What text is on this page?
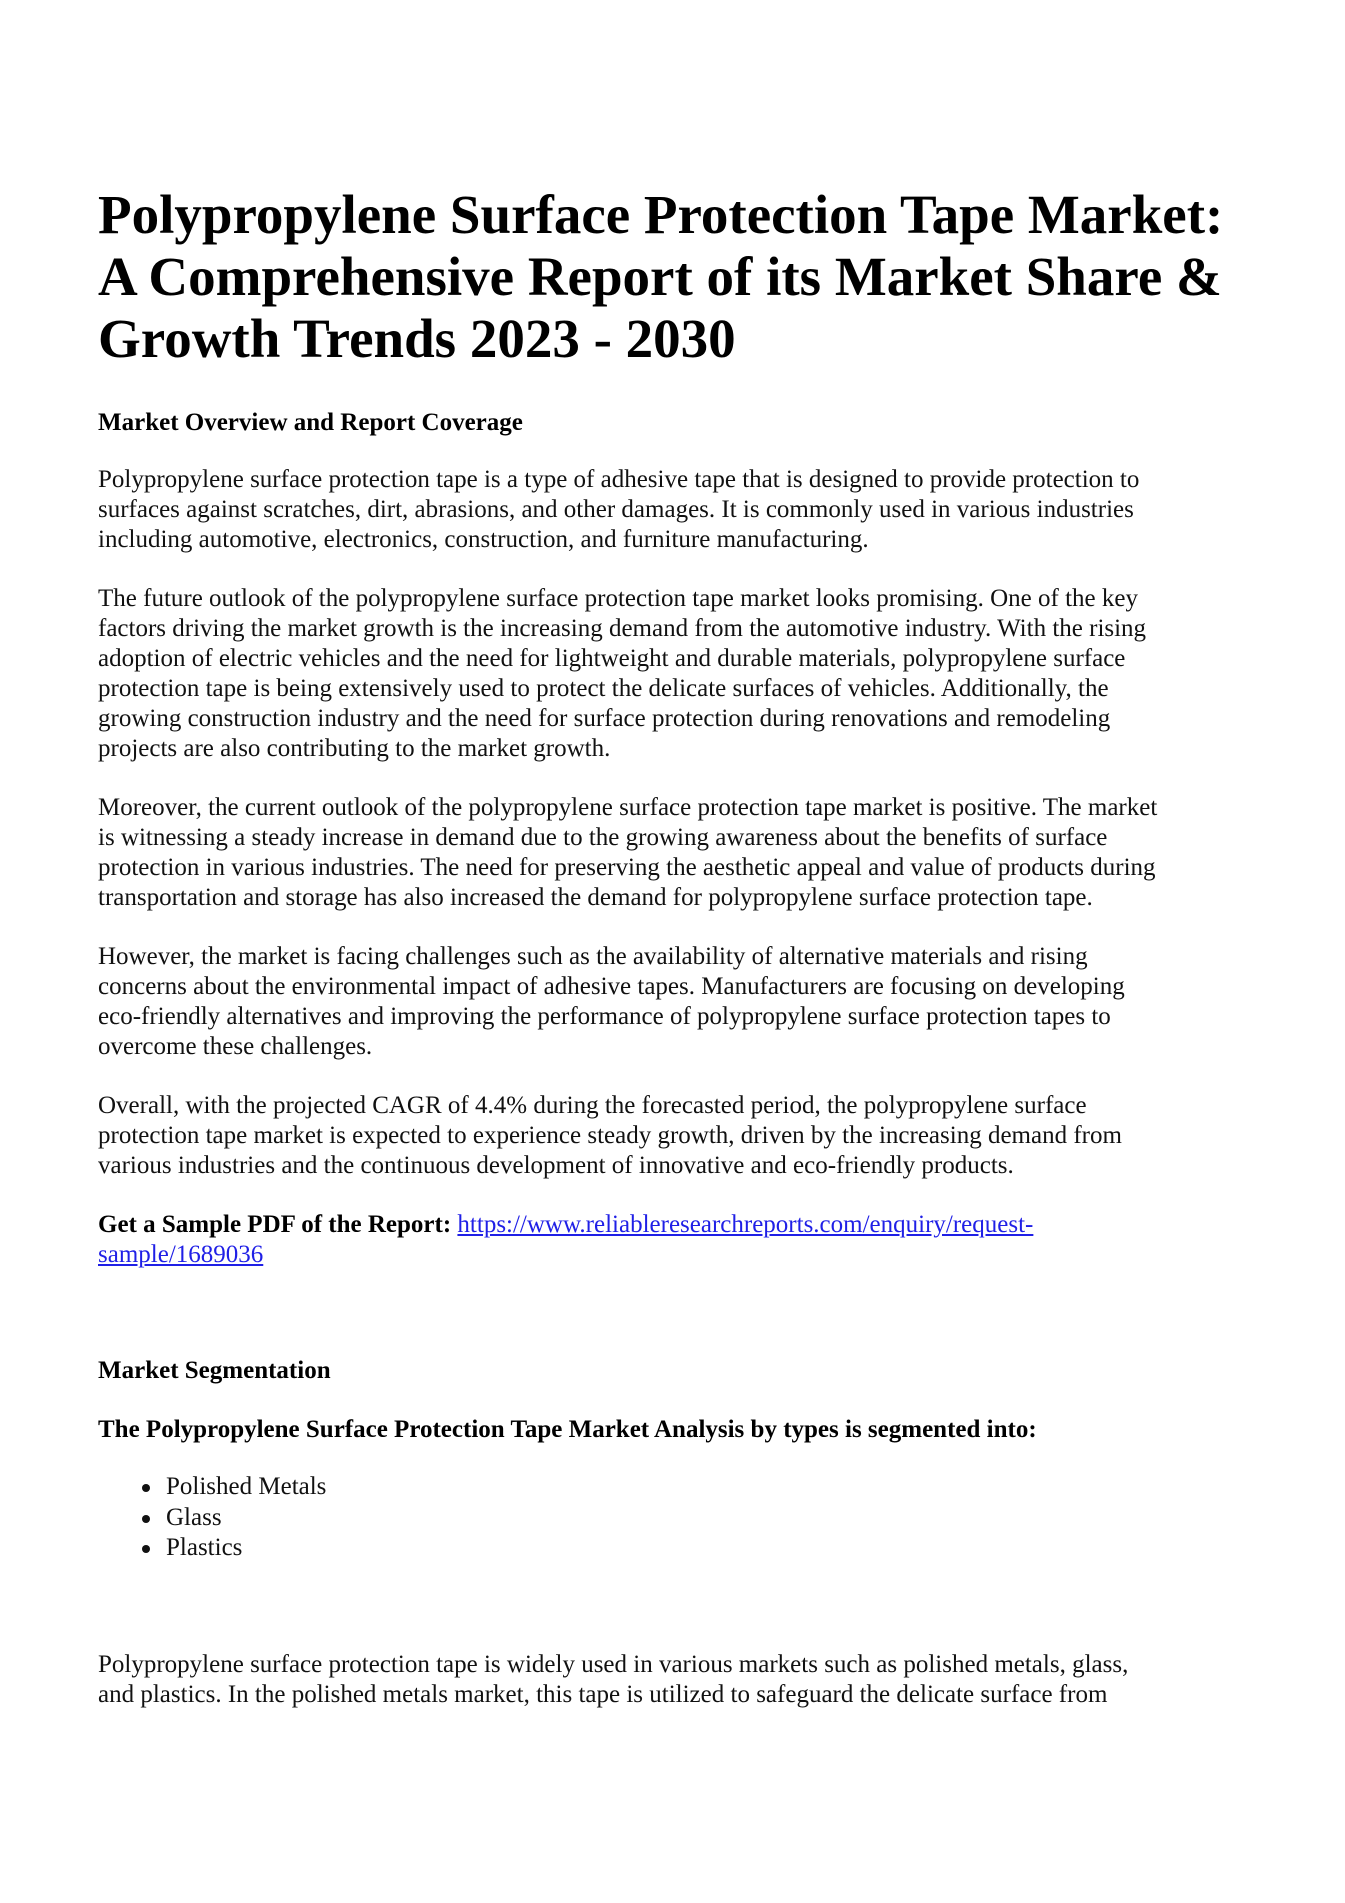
Polypropylene Surface Protection Tape Market:
A Comprehensive Report of its Market Share &
Growth Trends 2023 - 2030
Market Overview and Report Coverage

Polypropylene surface protection tape is a type of adhesive tape that is designed to provide protection to
surfaces against scratches, dirt, abrasions, and other damages. It is commonly used in various industries
including automotive, electronics, construction, and furniture manufacturing.

The future outlook of the polypropylene surface protection tape market looks promising. One of the key
factors driving the market growth is the increasing demand from the automotive industry. With the rising
adoption of electric vehicles and the need for lightweight and durable materials, polypropylene surface
protection tape is being extensively used to protect the delicate surfaces of vehicles. Additionally, the
growing construction industry and the need for surface protection during renovations and remodeling
projects are also contributing to the market growth.

Moreover, the current outlook of the polypropylene surface protection tape market is positive. The market
is witnessing a steady increase in demand due to the growing awareness about the benefits of surface
protection in various industries. The need for preserving the aesthetic appeal and value of products during
transportation and storage has also increased the demand for polypropylene surface protection tape.

However, the market is facing challenges such as the availability of alternative materials and rising
concerns about the environmental impact of adhesive tapes. Manufacturers are focusing on developing
eco-friendly alternatives and improving the performance of polypropylene surface protection tapes to
overcome these challenges.

Overall, with the projected CAGR of 4.4% during the forecasted period, the polypropylene surface
protection tape market is expected to experience steady growth, driven by the increasing demand from
various industries and the continuous development of innovative and eco-friendly products.

Get a Sample PDF of the Report: https://www.reliableresearchreports.com/enquiry/request-
sample/1689036

Market Segmentation
The Polypropylene Surface Protection Tape Market Analysis by types is segmented into:
Polished Metals
Glass
Plastics

Polypropylene surface protection tape is widely used in various markets such as polished metals, glass,
and plastics. In the polished metals market, this tape is utilized to safeguard the delicate surface from
